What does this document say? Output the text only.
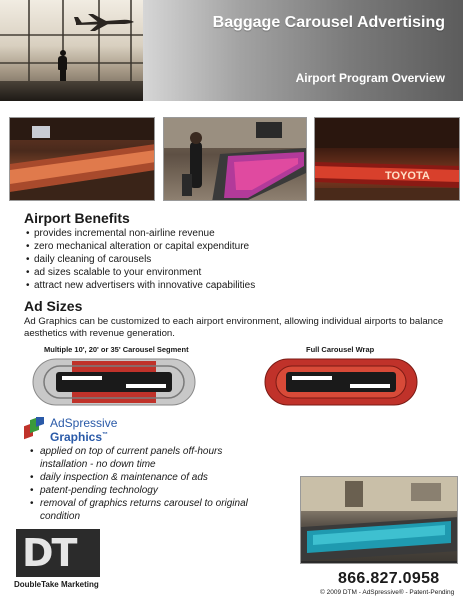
Baggage Carousel Advertising
Airport Program Overview
TOYOTA
Airport Benefits
• provides incremental non-airline revenue
• zero mechanical alteration or capital expenditure
• daily cleaning of carousels
• ad sizes scalable to your environment
• attract new advertisers with innovative capabilities
Ad Sizes
Ad Graphics can be customized to each airport environment, allowing individual airports to balance aesthetics with revenue generation.
Multiple 10', 20' or 35' Carousel Segment	Full Carousel Wrap
AdSpressive
Graphics™
• applied on top of current panels off-hours installation - no down time
• daily inspection & maintenance of ads
• patent-pending technology
• removal of graphics returns carousel to original condition
DT
DoubleTake Marketing	866.827.0958
© 2009 DTM - AdSpressive® - Patent-Pending
